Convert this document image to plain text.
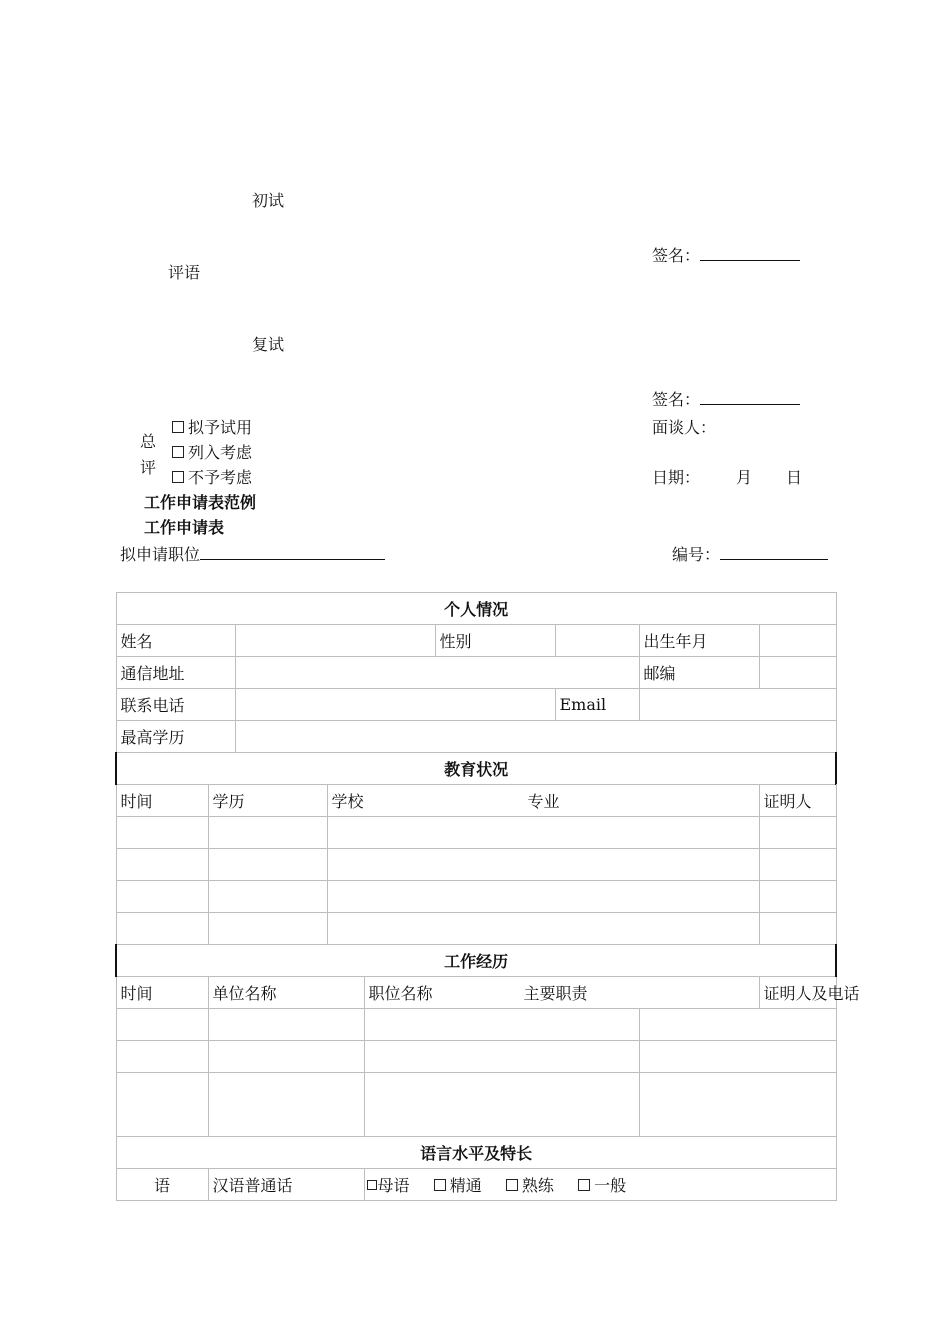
初试
签名：
评语
复试
签名：
总
评
拟予试用
列入考虑
不予考虑
面谈人：
日期： 月 日
工作申请表范例
工作申请表
拟申请职位	编号：
个人情况								
姓名					性别		出生年月	
通信地址							邮编	
联系电话						Email		
最高学历								
教育状况								
时间	学历		学校 专业					证明人

工作经历								
时间	单位名称			职位名称 主要职责				证明人及电话

语言水平及特长								
语	汉语普通话			母语 精通 熟练 一般				
